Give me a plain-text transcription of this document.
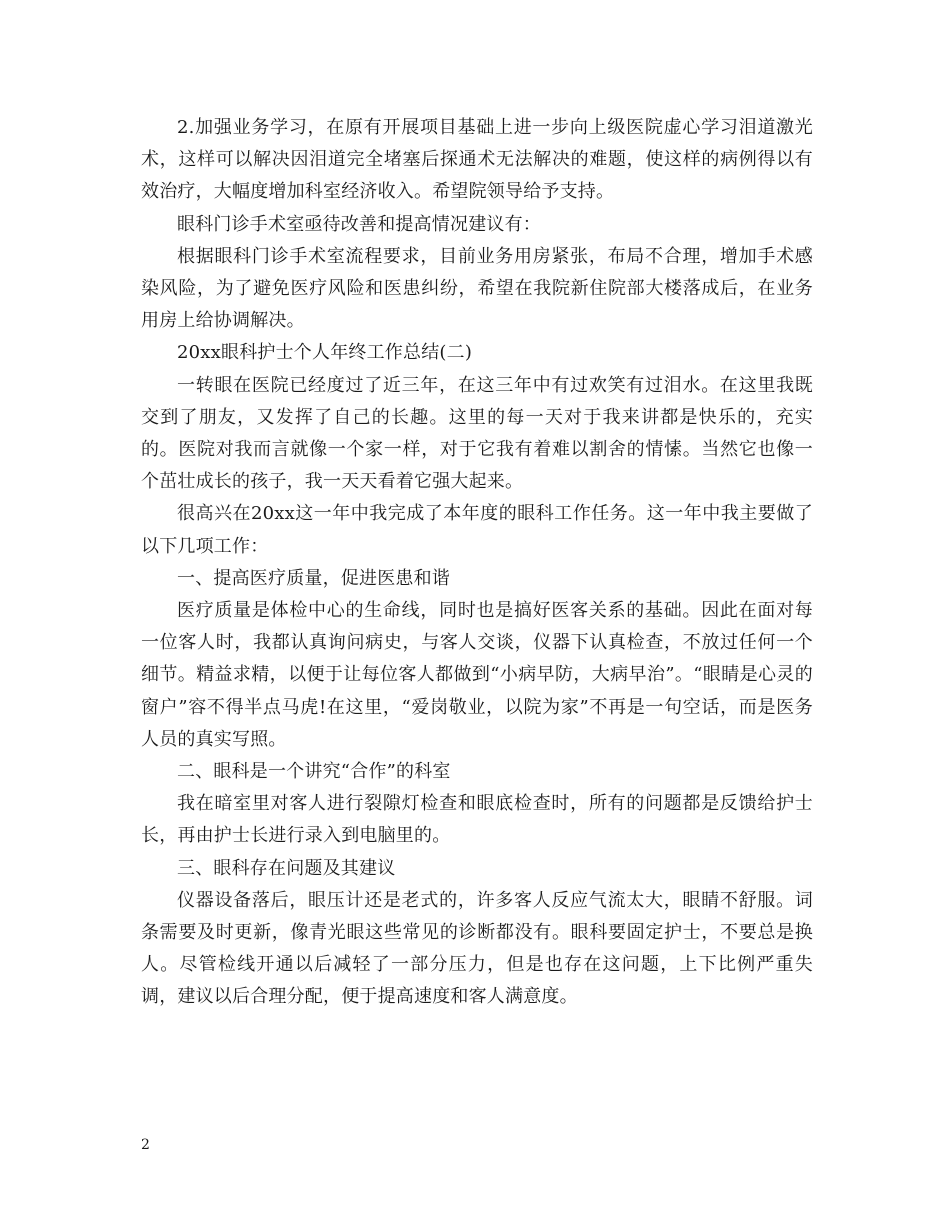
2.加强业务学习，在原有开展项目基础上进一步向上级医院虚心学习泪道激光术，这样可以解决因泪道完全堵塞后探通术无法解决的难题，使这样的病例得以有效治疗，大幅度增加科室经济收入。希望院领导给予支持。

眼科门诊手术室亟待改善和提高情况建议有：

根据眼科门诊手术室流程要求，目前业务用房紧张，布局不合理，增加手术感染风险，为了避免医疗风险和医患纠纷，希望在我院新住院部大楼落成后，在业务用房上给协调解决。

20xx眼科护士个人年终工作总结(二)

一转眼在医院已经度过了近三年，在这三年中有过欢笑有过泪水。在这里我既交到了朋友，又发挥了自己的长趣。这里的每一天对于我来讲都是快乐的，充实的。医院对我而言就像一个家一样，对于它我有着难以割舍的情愫。当然它也像一个茁壮成长的孩子，我一天天看着它强大起来。

很高兴在20xx这一年中我完成了本年度的眼科工作任务。这一年中我主要做了以下几项工作：

一、提高医疗质量，促进医患和谐

医疗质量是体检中心的生命线，同时也是搞好医客关系的基础。因此在面对每一位客人时，我都认真询问病史，与客人交谈，仪器下认真检查，不放过任何一个细节。精益求精，以便于让每位客人都做到“小病早防，大病早治”。“眼睛是心灵的窗户”容不得半点马虎!在这里，“爱岗敬业，以院为家”不再是一句空话，而是医务人员的真实写照。

二、眼科是一个讲究“合作”的科室

我在暗室里对客人进行裂隙灯检查和眼底检查时，所有的问题都是反馈给护士长，再由护士长进行录入到电脑里的。

三、眼科存在问题及其建议

仪器设备落后，眼压计还是老式的，许多客人反应气流太大，眼睛不舒服。词条需要及时更新，像青光眼这些常见的诊断都没有。眼科要固定护士，不要总是换人。尽管检线开通以后减轻了一部分压力，但是也存在这问题，上下比例严重失调，建议以后合理分配，便于提高速度和客人满意度。

2
